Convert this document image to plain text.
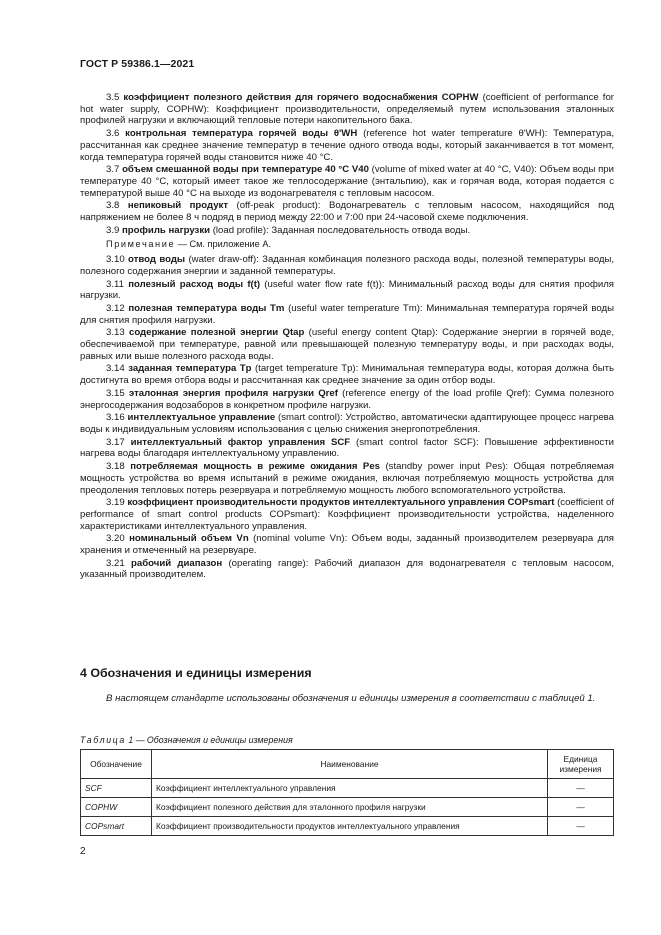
ГОСТ Р 59386.1—2021

3.5 коэффициент полезного действия для горячего водоснабжения COPHW (coefficient of performance for hot water supply, COPHW): Коэффициент производительности, определяемый путем использования эталонных профилей нагрузки и включающий тепловые потери накопительного бака.

3.6 контрольная температура горячей воды θ'WH (reference hot water temperature θ'WH): Температура, рассчитанная как среднее значение температур в течение одного отвода воды, который заканчивается в тот момент, когда температура горячей воды становится ниже 40 °С.

3.7 объем смешанной воды при температуре 40 °С V40 (volume of mixed water at 40 °С, V40): Объем воды при температуре 40 °С, который имеет такое же теплосодержание (энтальпию), как и горячая вода, которая подается с температурой выше 40 °С на выходе из водонагревателя с тепловым насосом.

3.8 непиковый продукт (off-peak product): Водонагреватель с тепловым насосом, находящийся под напряжением не более 8 ч подряд в период между 22:00 и 7:00 при 24-часовой схеме подключения.

3.9 профиль нагрузки (load profile): Заданная последовательность отвода воды.

Примечание — См. приложение А.

3.10 отвод воды (water draw-off): Заданная комбинация полезного расхода воды, полезной температуры воды, полезного содержания энергии и заданной температуры.

3.11 полезный расход воды f(t) (useful water flow rate f(t)): Минимальный расход воды для снятия профиля нагрузки.

3.12 полезная температура воды Tm (useful water temperature Tm): Минимальная температура горячей воды для снятия профиля нагрузки.

3.13 содержание полезной энергии Qtap (useful energy content Qtap): Содержание энергии в горячей воде, обеспечиваемой при температуре, равной или превышающей полезную температуру воды, и при расходах воды, равных или выше полезного расхода воды.

3.14 заданная температура Tp (target temperature Tp): Минимальная температура воды, которая должна быть достигнута во время отбора воды и рассчитанная как среднее значение за один отбор воды.

3.15 эталонная энергия профиля нагрузки Qref (reference energy of the load profile Qref): Сумма полезного энергосодержания водозаборов в конкретном профиле нагрузки.

3.16 интеллектуальное управление (smart control): Устройство, автоматически адаптирующее процесс нагрева воды к индивидуальным условиям использования с целью снижения энергопотребления.

3.17 интеллектуальный фактор управления SCF (smart control factor SCF): Повышение эффективности нагрева воды благодаря интеллектуальному управлению.

3.18 потребляемая мощность в режиме ожидания Pes (standby power input Pes): Общая потребляемая мощность устройства во время испытаний в режиме ожидания, включая потребляемую мощность устройства для преодоления тепловых потерь резервуара и потребляемую мощность любого вспомогательного устройства.

3.19 коэффициент производительности продуктов интеллектуального управления COPsmart (coefficient of performance of smart control products COPsmart): Коэффициент производительности устройства, наделенного характеристиками интеллектуального управления.

3.20 номинальный объем Vn (nominal volume Vn): Объем воды, заданный производителем резервуара для хранения и отмеченный на резервуаре.

3.21 рабочий диапазон (operating range): Рабочий диапазон для водонагревателя с тепловым насосом, указанный производителем.

4 Обозначения и единицы измерения
В настоящем стандарте использованы обозначения и единицы измерения в соответствии с таблицей 1.
Таблица 1 — Обозначения и единицы измерения
Обозначение	Наименование	Единица измерения
SCF	Коэффициент интеллектуального управления	—
COPHW	Коэффициент полезного действия для эталонного профиля нагрузки	—
COPsmart	Коэффициент производительности продуктов интеллектуального управления	—
2
